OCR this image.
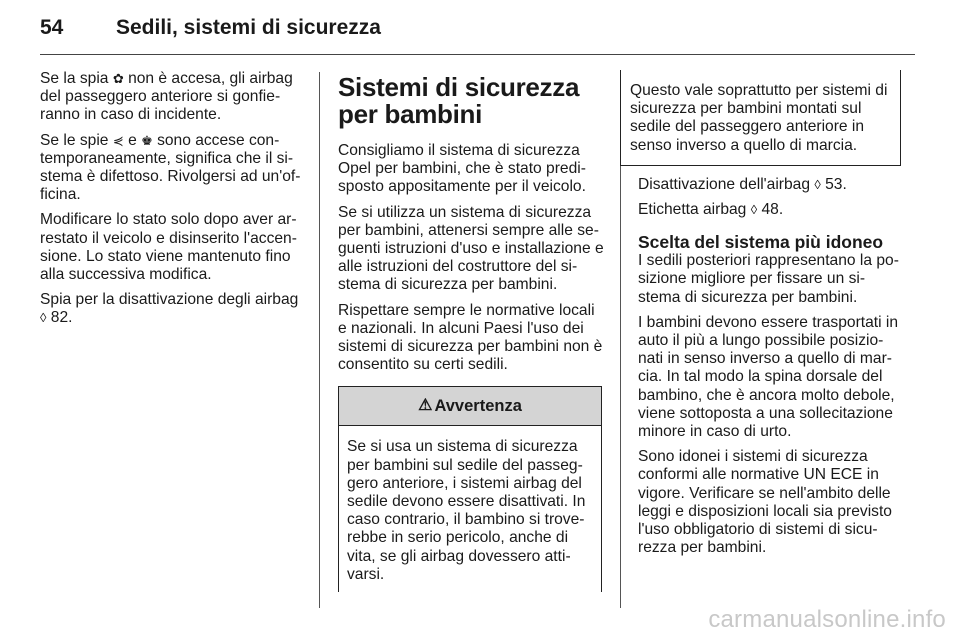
54	Sedili, sistemi di sicurezza

Se la spia ✿ non è accesa, gli airbag del passeggero anteriore si gonfieranno in caso di incidente.

Se le spie ⋞ e ♚ sono accese contemporaneamente, significa che il sistema è difettoso. Rivolgersi ad un'officina.

Modificare lo stato solo dopo aver arrestato il veicolo e disinserito l'accensione. Lo stato viene mantenuto fino alla successiva modifica.

Spia per la disattivazione degli airbag
◊ 82.

Sistemi di sicurezza per bambini

Consigliamo il sistema di sicurezza Opel per bambini, che è stato predisposto appositamente per il veicolo.

Se si utilizza un sistema di sicurezza per bambini, attenersi sempre alle seguenti istruzioni d'uso e installazione e alle istruzioni del costruttore del sistema di sicurezza per bambini.

Rispettare sempre le normative locali e nazionali. In alcuni Paesi l'uso dei sistemi di sicurezza per bambini non è consentito su certi sedili.

⚠ Avvertenza
Se si usa un sistema di sicurezza per bambini sul sedile del passeggero anteriore, i sistemi airbag del sedile devono essere disattivati. In caso contrario, il bambino si troverebbe in serio pericolo, anche di vita, se gli airbag dovessero attivarsi.
Questo vale soprattutto per sistemi di sicurezza per bambini montati sul sedile del passeggero anteriore in senso inverso a quello di marcia.

Disattivazione dell'airbag ◊ 53.

Etichetta airbag ◊ 48.

Scelta del sistema più idoneo

I sedili posteriori rappresentano la posizione migliore per fissare un sistema di sicurezza per bambini.

I bambini devono essere trasportati in auto il più a lungo possibile posizionati in senso inverso a quello di marcia. In tal modo la spina dorsale del bambino, che è ancora molto debole, viene sottoposta a una sollecitazione minore in caso di urto.

Sono idonei i sistemi di sicurezza conformi alle normative UN ECE in vigore. Verificare se nell'ambito delle leggi e disposizioni locali sia previsto l'uso obbligatorio di sistemi di sicurezza per bambini.

carmanualsonline.info
